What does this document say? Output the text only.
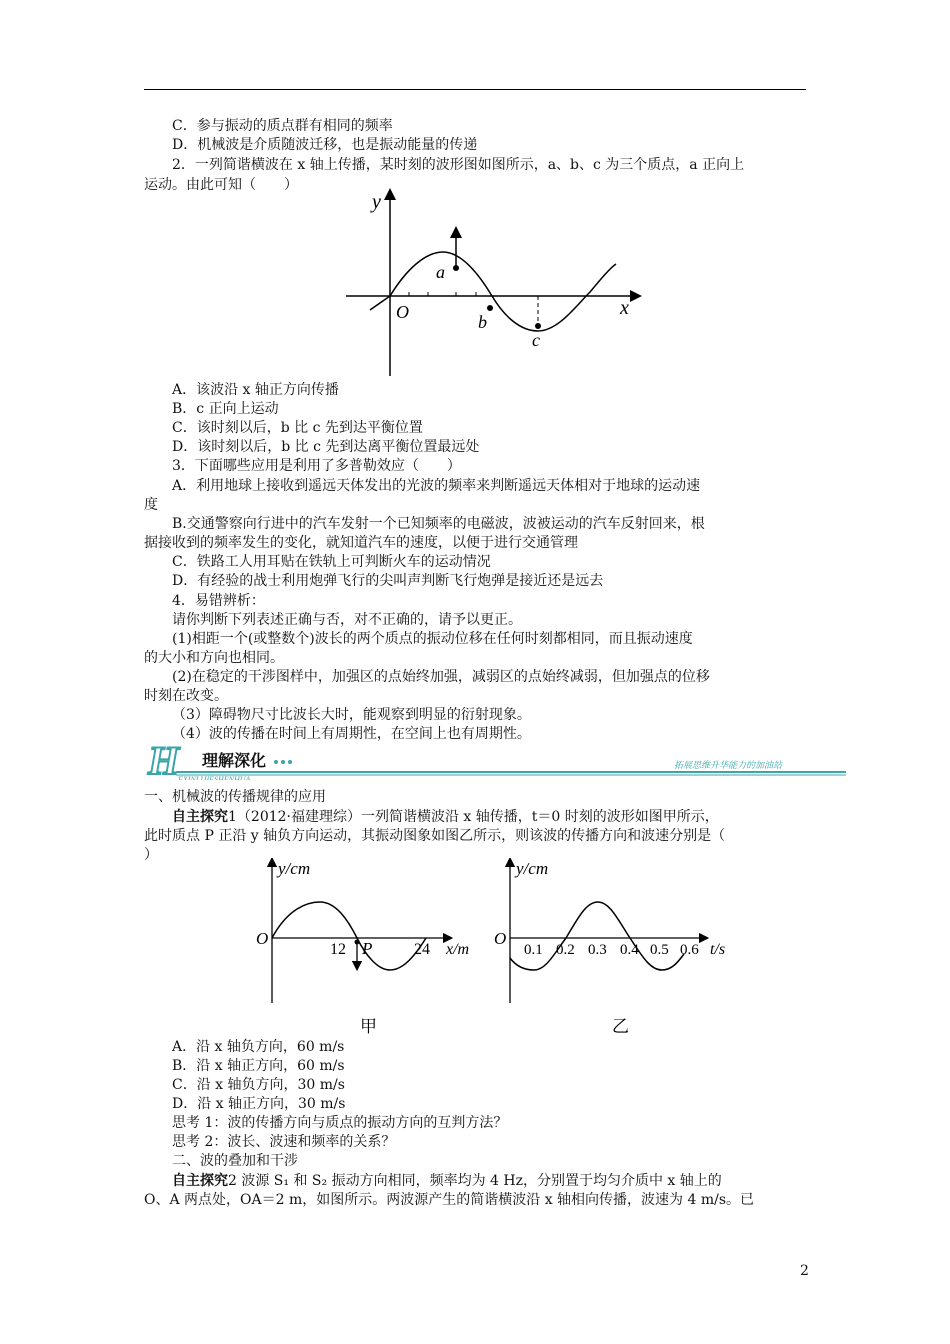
C．参与振动的质点群有相同的频率
D．机械波是介质随波迁移，也是振动能量的传递
2．一列简谐横波在 x 轴上传播，某时刻的波形图如图所示，a、b、c 为三个质点，a 正向上
运动。由此可知（　　）
y
x
O
a
b
c
A．该波沿 x 轴正方向传播
B．c 正向上运动
C．该时刻以后，b 比 c 先到达平衡位置
D．该时刻以后，b 比 c 先到达离平衡位置最远处
3．下面哪些应用是利用了多普勒效应（　　）
A．利用地球上接收到遥远天体发出的光波的频率来判断遥远天体相对于地球的运动速
度
B.交通警察向行进中的汽车发射一个已知频率的电磁波，波被运动的汽车反射回来，根
据接收到的频率发生的变化，就知道汽车的速度，以便于进行交通管理
C．铁路工人用耳贴在铁轨上可判断火车的运动情况
D．有经验的战士利用炮弹飞行的尖叫声判断飞行炮弹是接近还是远去
4．易错辨析：
请你判断下列表述正确与否，对不正确的，请予以更正。
(1)相距一个(或整数个)波长的两个质点的振动位移在任何时刻都相同，而且振动速度
的大小和方向也相同。
(2)在稳定的干涉图样中，加强区的点始终加强，减弱区的点始终减弱，但加强点的位移
时刻在改变。
（3）障碍物尺寸比波长大时，能观察到明显的衍射现象。
（4）波的传播在时间上有周期性，在空间上也有周期性。
H 理解深化
EXINLIJIESHENHUA
拓展思维升华能力的加油站
一、机械波的传播规律的应用
自主探究1（2012·福建理综）一列简谐横波沿 x 轴传播，t＝0 时刻的波形如图甲所示，
此时质点 P 正沿 y 轴负方向运动，其振动图象如图乙所示，则该波的传播方向和波速分别是（
）
y/cm
O
12 P	24 x/m
甲
y/cm
O
0.1 0.2 0.3 0.4 0.5 0.6 t/s
乙
A．沿 x 轴负方向，60 m/s
B．沿 x 轴正方向，60 m/s
C．沿 x 轴负方向，30 m/s
D．沿 x 轴正方向，30 m/s
思考 1：波的传播方向与质点的振动方向的互判方法？
思考 2：波长、波速和频率的关系？
二、波的叠加和干涉
自主探究2 波源 S₁ 和 S₂ 振动方向相同，频率均为 4 Hz，分别置于均匀介质中 x 轴上的
O、A 两点处，OA＝2 m，如图所示。两波源产生的简谐横波沿 x 轴相向传播，波速为 4 m/s。已
2
